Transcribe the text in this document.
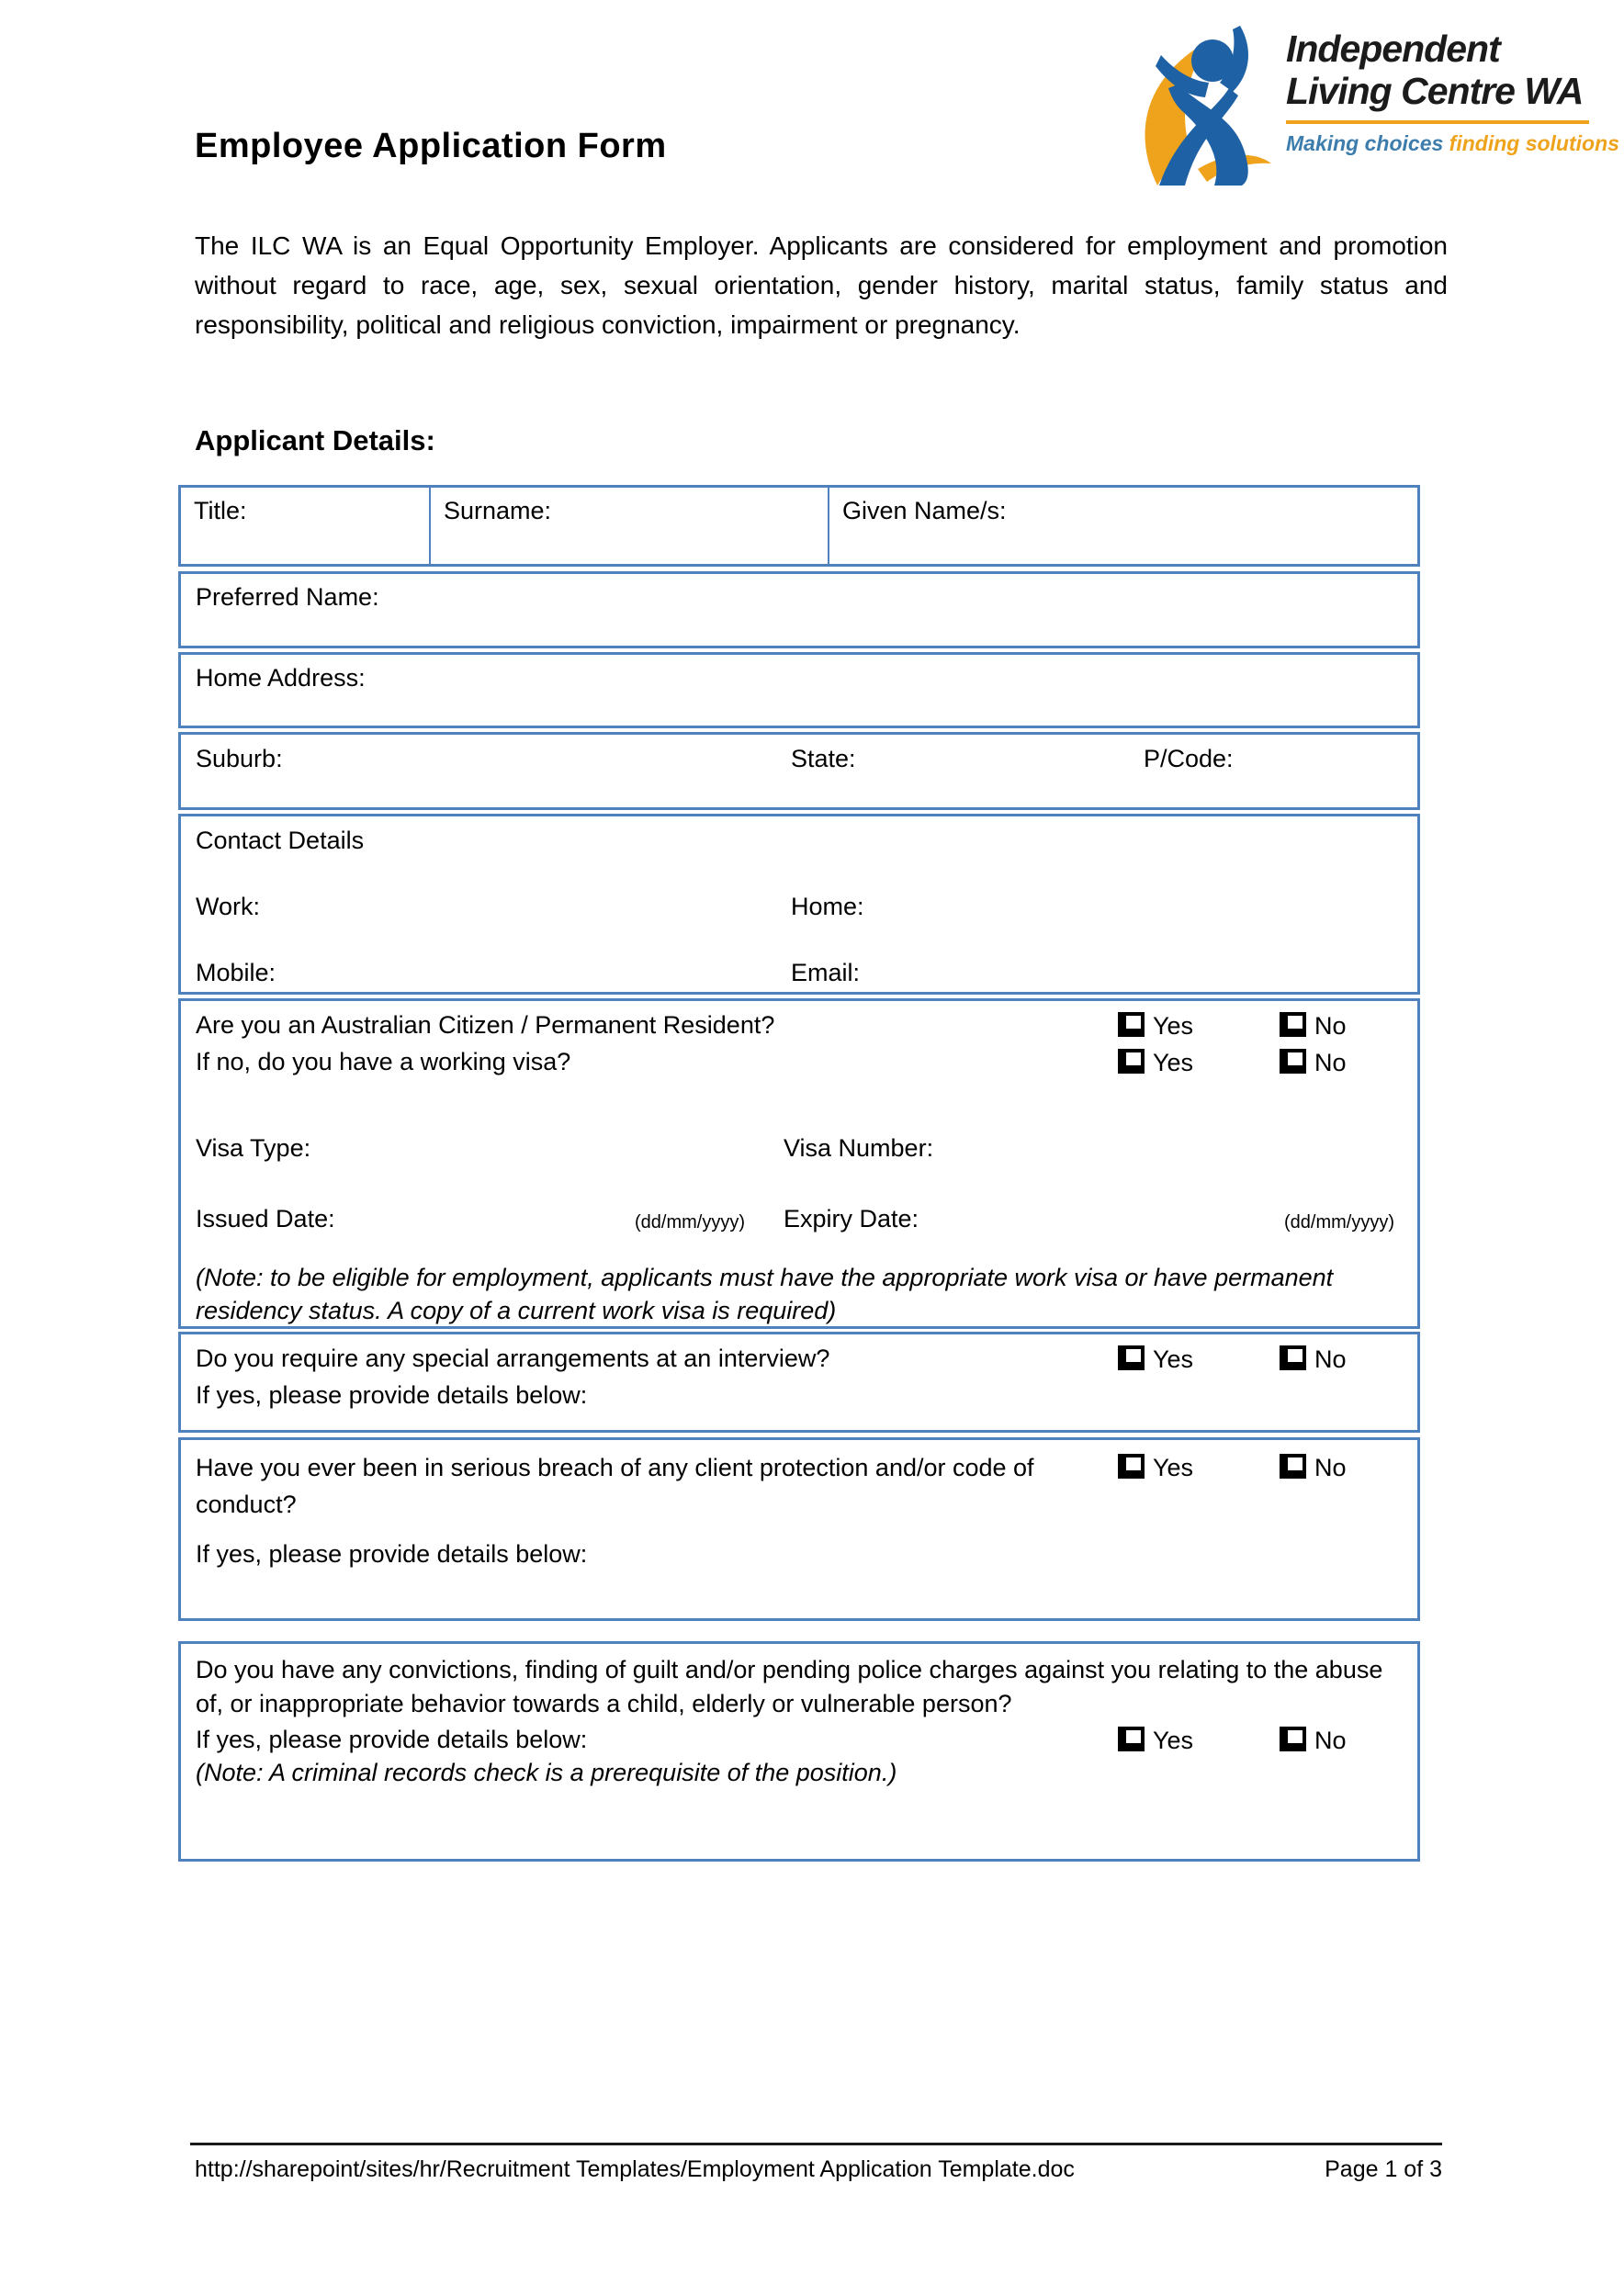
Employee Application Form
Independent
Living Centre WA
Making choices finding solutions
The ILC WA is an Equal Opportunity Employer. Applicants are considered for employment and promotion without regard to race, age, sex, sexual orientation, gender history, marital status, family status and responsibility, political and religious conviction, impairment or pregnancy.
Applicant Details:
Title:	Surname:	Given Name/s:
Preferred Name:
Home Address:
Suburb:	State:	P/Code:
Contact Details
Work:	Home:
Mobile:	Email:
Are you an Australian Citizen / Permanent Resident?	Yes	No
If no, do you have a working visa?	Yes	No
Visa Type:	Visa Number:
Issued Date:	(dd/mm/yyyy) Expiry Date:	(dd/mm/yyyy)
(Note: to be eligible for employment, applicants must have the appropriate work visa or have permanent residency status. A copy of a current work visa is required)
Do you require any special arrangements at an interview?	Yes	No
If yes, please provide details below:
Have you ever been in serious breach of any client protection and/or code of conduct?
Yes	No
If yes, please provide details below:
Do you have any convictions, finding of guilt and/or pending police charges against you relating to the abuse of, or inappropriate behavior towards a child, elderly or vulnerable person?
If yes, please provide details below:	Yes	No
(Note: A criminal records check is a prerequisite of the position.)
http://sharepoint/sites/hr/Recruitment Templates/Employment Application Template.doc	Page 1 of 3
